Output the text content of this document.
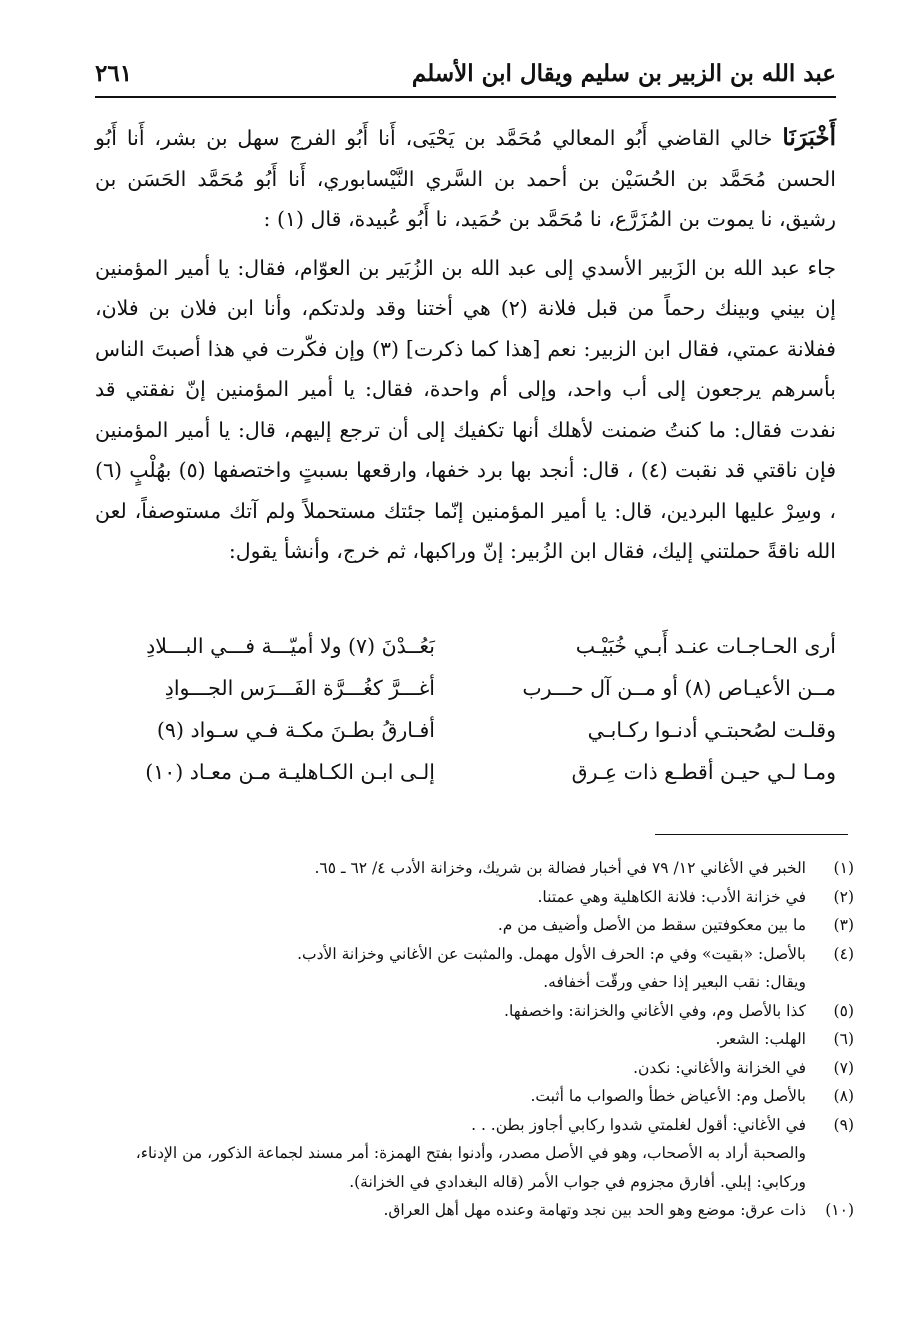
عبد الله بن الزبير بن سليم ويقال ابن الأسلم
٢٦١

أَخْبَرَنَا خالي القاضي أَبُو المعالي مُحَمَّد بن يَحْيَى، أَنا أَبُو الفرج سهل بن بشر، أَنا أَبُو الحسن مُحَمَّد بن الحُسَيْن بن أحمد بن السَّري النَّيْسابوري، أَنا أَبُو مُحَمَّد الحَسَن بن رشيق، نا يموت بن المُزَرَّع، نا مُحَمَّد بن حُمَيد، نا أَبُو عُبيدة، قال (١) :

جاء عبد الله بن الزَبير الأسدي إلى عبد الله بن الزُبَير بن العوّام، فقال: يا أمير المؤمنين إن بيني وبينك رحماً من قبل فلانة (٢) هي أختنا وقد ولدتكم، وأنا ابن فلان بن فلان، ففلانة عمتي، فقال ابن الزبير: نعم [هذا كما ذكرت] (٣) وإن فكّرت في هذا أصبتَ الناس بأسرهم يرجعون إلى أب واحد، وإلى أم واحدة، فقال: يا أمير المؤمنين إنّ نفقتي قد نفدت فقال: ما كنتُ ضمنت لأهلك أنها تكفيك إلى أن ترجع إليهم، قال: يا أمير المؤمنين فإن ناقتي قد نقبت (٤) ، قال: أنجد بها برد خفها، وارقعها بسبتٍ واختصفها (٥) بهُلْبٍ (٦) ، وسِرْ عليها البردين، قال: يا أمير المؤمنين إنّما جئتك مستحملاً ولم آتك مستوصفاً، لعن الله ناقةً حملتني إليك، فقال ابن الزُبير: إنّ وراكبها، ثم خرج، وأنشأ يقول:

أرى الحـاجـات عنـد أَبـي خُبَيْـب
بَعُــدْنَ (٧) ولا أميّـــة فـــي البـــلادِ
مــن الأعيـاص (٨) أو مــن آل حـــرب
أغـــرَّ كغُـــرَّة الفَـــرَس الجـــوادِ
وقلـت لصُحبتـي أدنـوا ركـابـي
أفـارقُ بطـنَ مكـة فـي سـواد (٩)
ومـا لـي حيـن أقطـع ذات عِـرق
إلـى ابـن الكـاهليـة مـن معـاد (١٠)
(١)
الخبر في الأغاني ١٢/ ٧٩ في أخبار فضالة بن شريك، وخزانة الأدب ٤/ ٦٢ ـ ٦٥.
(٢)
في خزانة الأدب: فلانة الكاهلية وهي عمتنا.
(٣)
ما بين معكوفتين سقط من الأصل وأضيف من م.
(٤)
بالأصل: «بقيت» وفي م: الحرف الأول مهمل. والمثبت عن الأغاني وخزانة الأدب.
ويقال: نقب البعير إذا حفي ورقّت أخفافه.
(٥)
كذا بالأصل وم، وفي الأغاني والخزانة: واخصفها.
(٦)
الهلب: الشعر.
(٧)
في الخزانة والأغاني: نكدن.
(٨)
بالأصل وم: الأعياض خطأ والصواب ما أثبت.
(٩)
في الأغاني: أقول لغلمتي شدوا ركابي أجاوز بطن. . .
والصحبة أراد به الأصحاب، وهو في الأصل مصدر، وأدنوا بفتح الهمزة: أمر مسند لجماعة الذكور، من الإدناء، وركابي: إبلي. أفارق مجزوم في جواب الأمر (قاله البغدادي في الخزانة).
(١٠)
ذات عرق: موضع وهو الحد بين نجد وتهامة وعنده مهل أهل العراق.
